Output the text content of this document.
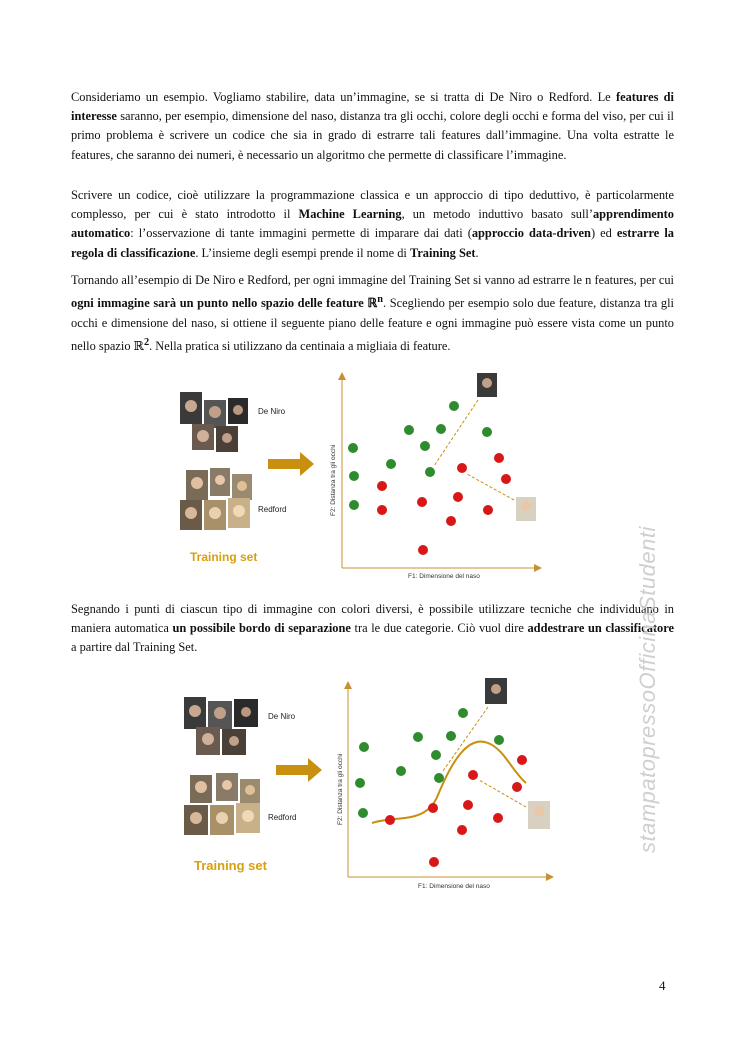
Consideriamo un esempio. Vogliamo stabilire, data un’immagine, se si tratta di De Niro o Redford. Le features di interesse saranno, per esempio, dimensione del naso, distanza tra gli occhi, colore degli occhi e forma del viso, per cui il primo problema è scrivere un codice che sia in grado di estrarre tali features dall’immagine. Una volta estratte le features, che saranno dei numeri, è necessario un algoritmo che permette di classificare l’immagine.

Scrivere un codice, cioè utilizzare la programmazione classica e un approccio di tipo deduttivo, è particolarmente complesso, per cui è stato introdotto il Machine Learning, un metodo induttivo basato sull’apprendimento automatico: l’osservazione di tante immagini permette di imparare dai dati (approccio data-driven) ed estrarre la regola di classificazione. L’insieme degli esempi prende il nome di Training Set.

Tornando all’esempio di De Niro e Redford, per ogni immagine del Training Set si vanno ad estrarre le n features, per cui ogni immagine sarà un punto nello spazio delle feature ℝ$^n$. Scegliendo per esempio solo due feature, distanza tra gli occhi e dimensione del naso, si ottiene il seguente piano delle feature e ogni immagine può essere vista come un punto nello spazio ℝ$^2$. Nella pratica si utilizzano da centinaia a migliaia di feature.

De Niro
Redford
Training set
F2: Distanza tra gli occhi
F1: Dimensione del naso

Segnando i punti di ciascun tipo di immagine con colori diversi, è possibile utilizzare tecniche che individuano in maniera automatica un possibile bordo di separazione tra le due categorie. Ciò vuol dire addestrare un classificatore a partire dal Training Set.

De Niro
Redford
Training set
F2: Distanza tra gli occhi
F1: Dimensione del naso
stampatopressoOfficinaStudenti
4
